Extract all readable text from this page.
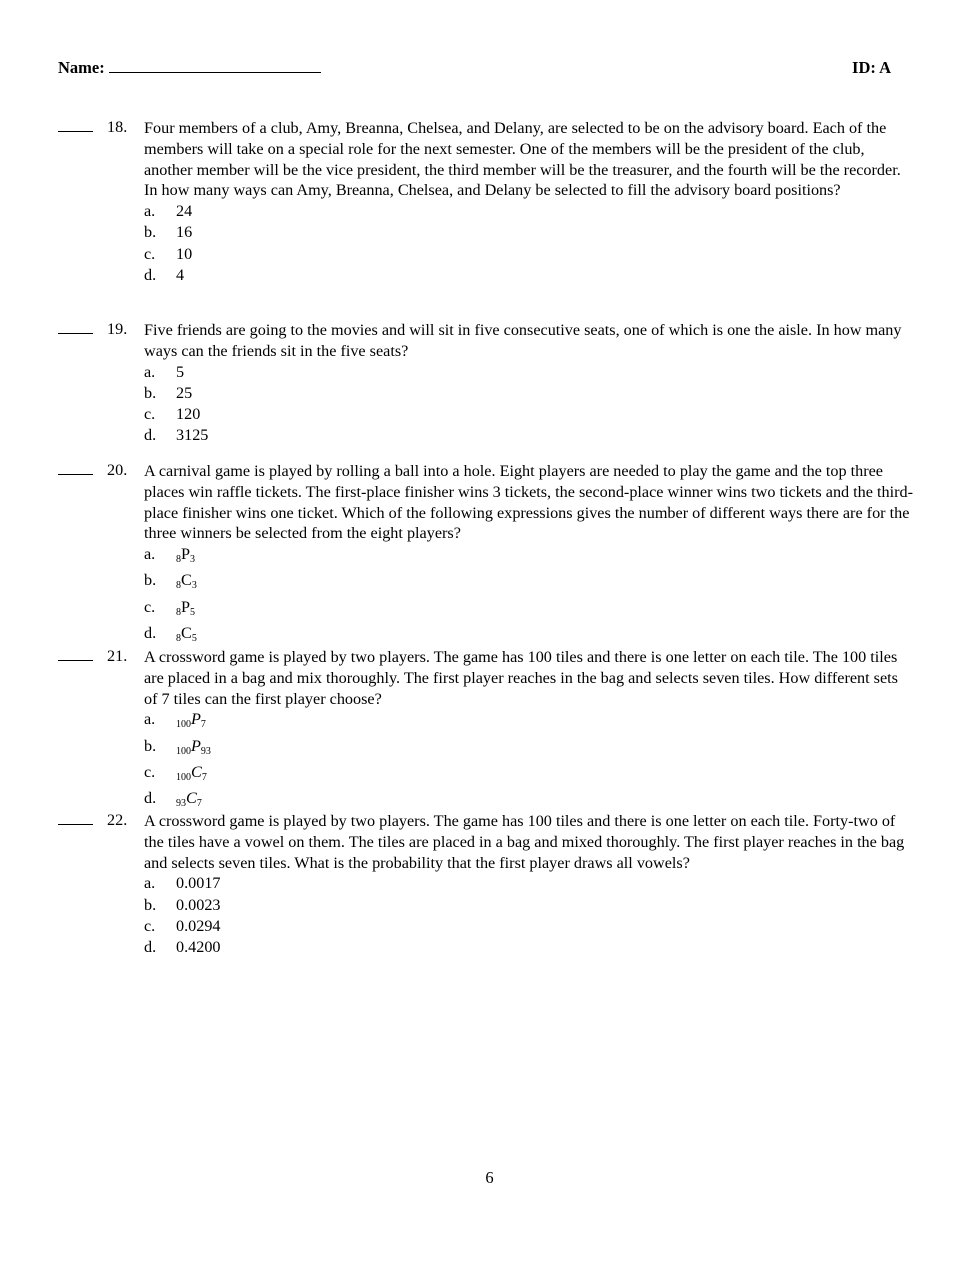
Name:	ID: A
18. Four members of a club, Amy, Breanna, Chelsea, and Delany, are selected to be on the advisory board. Each of the members will take on a special role for the next semester. One of the members will be the president of the club, another member will be the vice president, the third member will be the treasurer, and the fourth will be the recorder. In how many ways can Amy, Breanna, Chelsea, and Delany be selected to fill the advisory board positions?

a.	24
b.	16
c.	10
d.	4
19. Five friends are going to the movies and will sit in five consecutive seats, one of which is one the aisle. In how many ways can the friends sit in the five seats?

a.	5
b.	25
c.	120
d.	3125
20. A carnival game is played by rolling a ball into a hole. Eight players are needed to play the game and the top three places win raffle tickets. The first-place finisher wins 3 tickets, the second-place winner wins two tickets and the third-place finisher wins one ticket. Which of the following expressions gives the number of different ways there are for the three winners be selected from the eight players?

a.	$_8P_3$
b.	$_8C_3$
c.	$_8P_5$
d.	$_8C_5$
21. A crossword game is played by two players. The game has 100 tiles and there is one letter on each tile. The 100 tiles are placed in a bag and mix thoroughly. The first player reaches in the bag and selects seven tiles. How different sets of 7 tiles can the first player choose?

a.	$_{100}P_7$
b.	$_{100}P_{93}$
c.	$_{100}C_7$
d.	$_{93}C_7$
22. A crossword game is played by two players. The game has 100 tiles and there is one letter on each tile. Forty-two of the tiles have a vowel on them. The tiles are placed in a bag and mixed thoroughly. The first player reaches in the bag and selects seven tiles. What is the probability that the first player draws all vowels?

a.	0.0017
b.	0.0023
c.	0.0294
d.	0.4200
6
